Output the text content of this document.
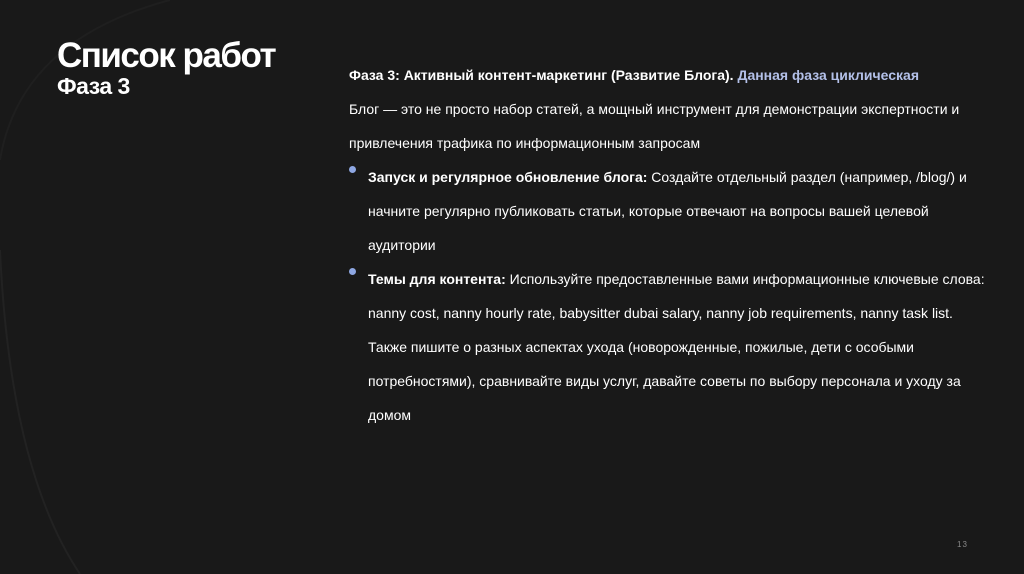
Список работ
Фаза 3	Фаза 3: Активный контент-маркетинг (Развитие Блога). Данная фаза циклическая

Блог — это не просто набор статей, а мощный инструмент для демонстрации экспертности и привлечения трафика по информационным запросам

Запуск и регулярное обновление блога: Создайте отдельный раздел (например, /blog/) и начните регулярно публиковать статьи, которые отвечают на вопросы вашей целевой аудитории
Темы для контента: Используйте предоставленные вами информационные ключевые слова: nanny cost, nanny hourly rate, babysitter dubai salary, nanny job requirements, nanny task list. Также пишите о разных аспектах ухода (новорожденные, пожилые, дети с особыми потребностями), сравнивайте виды услуг, давайте советы по выбору персонала и уходу за домом
13
